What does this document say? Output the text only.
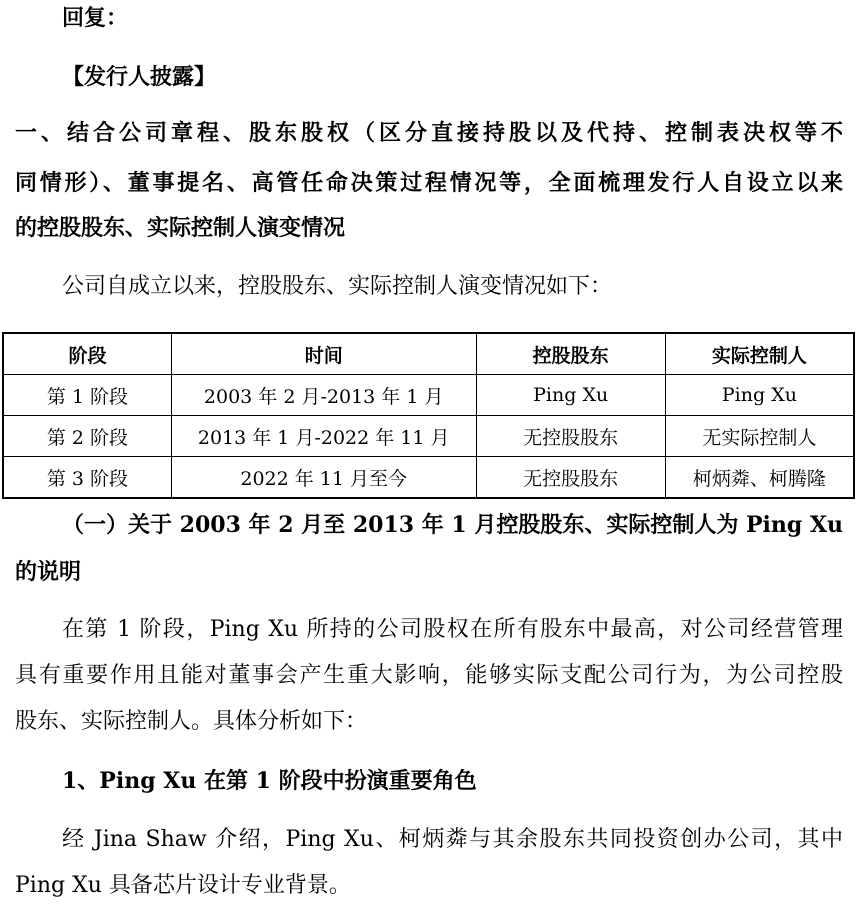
回复：
【发行人披露】
一、结合公司章程、股东股权（区分直接持股以及代持、控制表决权等不
同情形）、董事提名、高管任命决策过程情况等，全面梳理发行人自设立以来
的控股股东、实际控制人演变情况
公司自成立以来，控股股东、实际控制人演变情况如下：
阶段	时间	控股股东	实际控制人
第 1 阶段	2003 年 2 月-2013 年 1 月	Ping Xu	Ping Xu
第 2 阶段	2013 年 1 月-2022 年 11 月	无控股股东	无实际控制人
第 3 阶段	2022 年 11 月至今	无控股股东	柯炳粦、柯腾隆
（一）关于 2003 年 2 月至 2013 年 1 月控股股东、实际控制人为 Ping Xu
的说明
在第 1 阶段，Ping Xu 所持的公司股权在所有股东中最高，对公司经营管理
具有重要作用且能对董事会产生重大影响，能够实际支配公司行为，为公司控股
股东、实际控制人。具体分析如下：
1、Ping Xu 在第 1 阶段中扮演重要角色
经 Jina Shaw 介绍，Ping Xu、柯炳粦与其余股东共同投资创办公司，其中
Ping Xu 具备芯片设计专业背景。
